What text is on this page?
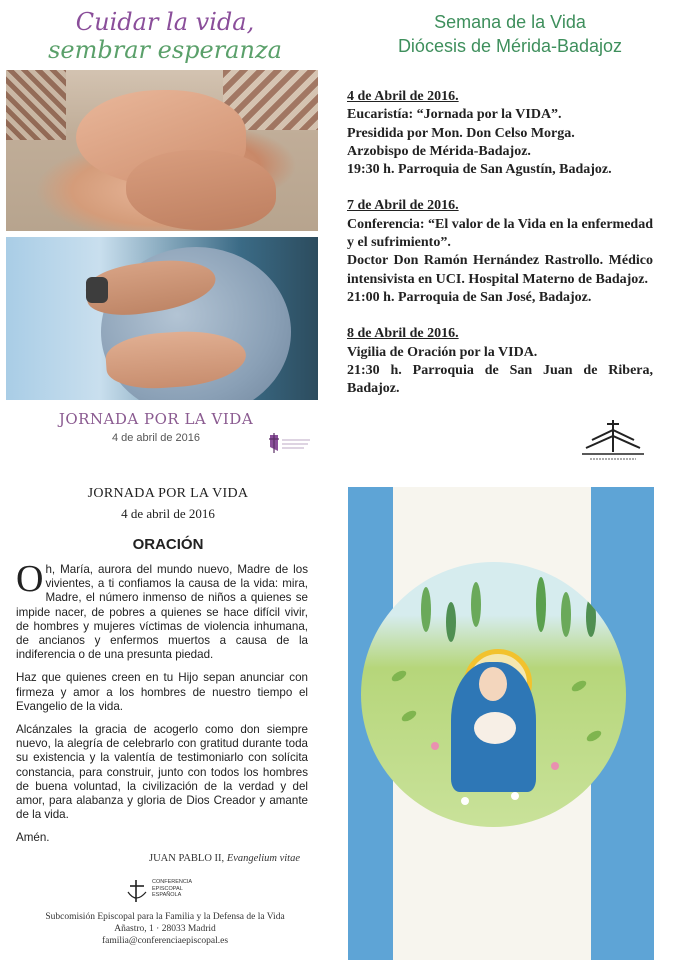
Cuidar la vida,
sembrar esperanza
JORNADA POR LA VIDA
4 de abril de 2016
Semana de la Vida
Diócesis de Mérida-Badajoz
4 de Abril de 2016.
Eucaristía: “Jornada por la VIDA”.
Presidida por Mon. Don Celso Morga.
Arzobispo de Mérida-Badajoz.
19:30 h. Parroquia de San Agustín, Badajoz.
7 de Abril de 2016.
Conferencia: “El valor de la Vida en la enfermedad y el sufrimiento”.
Doctor Don Ramón Hernández Rastrollo. Médico intensivista en UCI. Hospital Materno de Badajoz.
21:00 h. Parroquia de San José, Badajoz.
8 de Abril de 2016.
Vigilia de Oración por la VIDA.
21:30 h. Parroquia de San Juan de Ribera, Badajoz.
JORNADA POR LA VIDA
4 de abril de 2016
ORACIÓN

Oh, María, aurora del mundo nuevo, Madre de los vivientes, a ti confiamos la causa de la vida: mira, Madre, el número inmenso de niños a quienes se impide nacer, de pobres a quienes se hace difícil vivir, de hombres y mujeres víctimas de violencia inhumana, de ancianos y enfermos muertos a causa de la indiferencia o de una presunta piedad.

Haz que quienes creen en tu Hijo sepan anunciar con firmeza y amor a los hombres de nuestro tiempo el Evangelio de la vida.

Alcánzales la gracia de acogerlo como don siempre nuevo, la alegría de celebrarlo con gratitud durante toda su existencia y la valentía de testimoniarlo con solícita constancia, para construir, junto con todos los hombres de buena voluntad, la civilización de la verdad y del amor, para alabanza y gloria de Dios Creador y amante de la vida.

Amén.

JUAN PABLO II, Evangelium vitae
CONFERENCIA
EPISCOPAL
ESPAÑOLA
Subcomisión Episcopal para la Familia y la Defensa de la Vida
Añastro, 1 · 28033 Madrid
familia@conferenciaepiscopal.es
